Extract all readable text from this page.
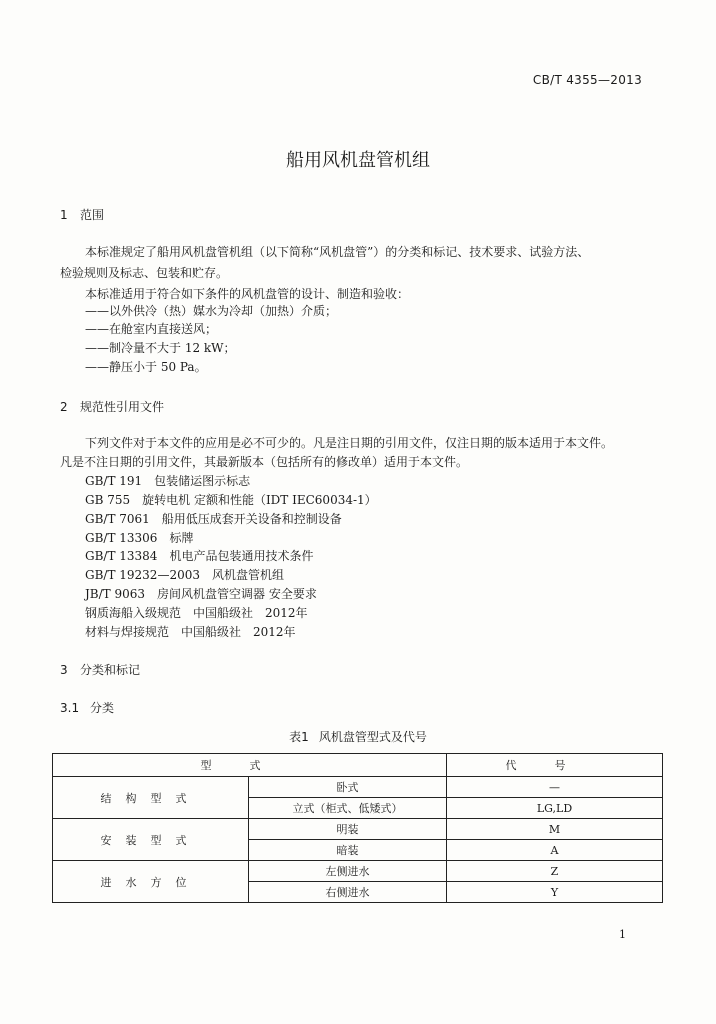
CB/T 4355—2013
船用风机盘管机组
1 范围
本标准规定了船用风机盘管机组（以下简称“风机盘管”）的分类和标记、技术要求、试验方法、
检验规则及标志、包装和贮存。
本标准适用于符合如下条件的风机盘管的设计、制造和验收：
——以外供冷（热）媒水为冷却（加热）介质；
——在舱室内直接送风；
——制冷量不大于 12 kW；
——静压小于 50 Pa。
2 规范性引用文件
下列文件对于本文件的应用是必不可少的。凡是注日期的引用文件，仅注日期的版本适用于本文件。
凡是不注日期的引用文件，其最新版本（包括所有的修改单）适用于本文件。
GB/T 191　包装储运图示标志
GB 755　旋转电机 定额和性能（IDT IEC60034-1）
GB/T 7061　船用低压成套开关设备和控制设备
GB/T 13306　标牌
GB/T 13384　机电产品包装通用技术条件
GB/T 19232—2003　风机盘管机组
JB/T 9063　房间风机盘管空调器 安全要求
钢质海船入级规范　中国船级社　2012年
材料与焊接规范　中国船级社　2012年
3 分类和标记
3.1 分类
表1 风机盘管型式及代号
型式		代号
结构型式	卧式	—
	立式（柜式、低矮式）	LG,LD
安装型式	明装	M
	暗装	A
进水方位	左侧进水	Z
	右侧进水	Y
1
